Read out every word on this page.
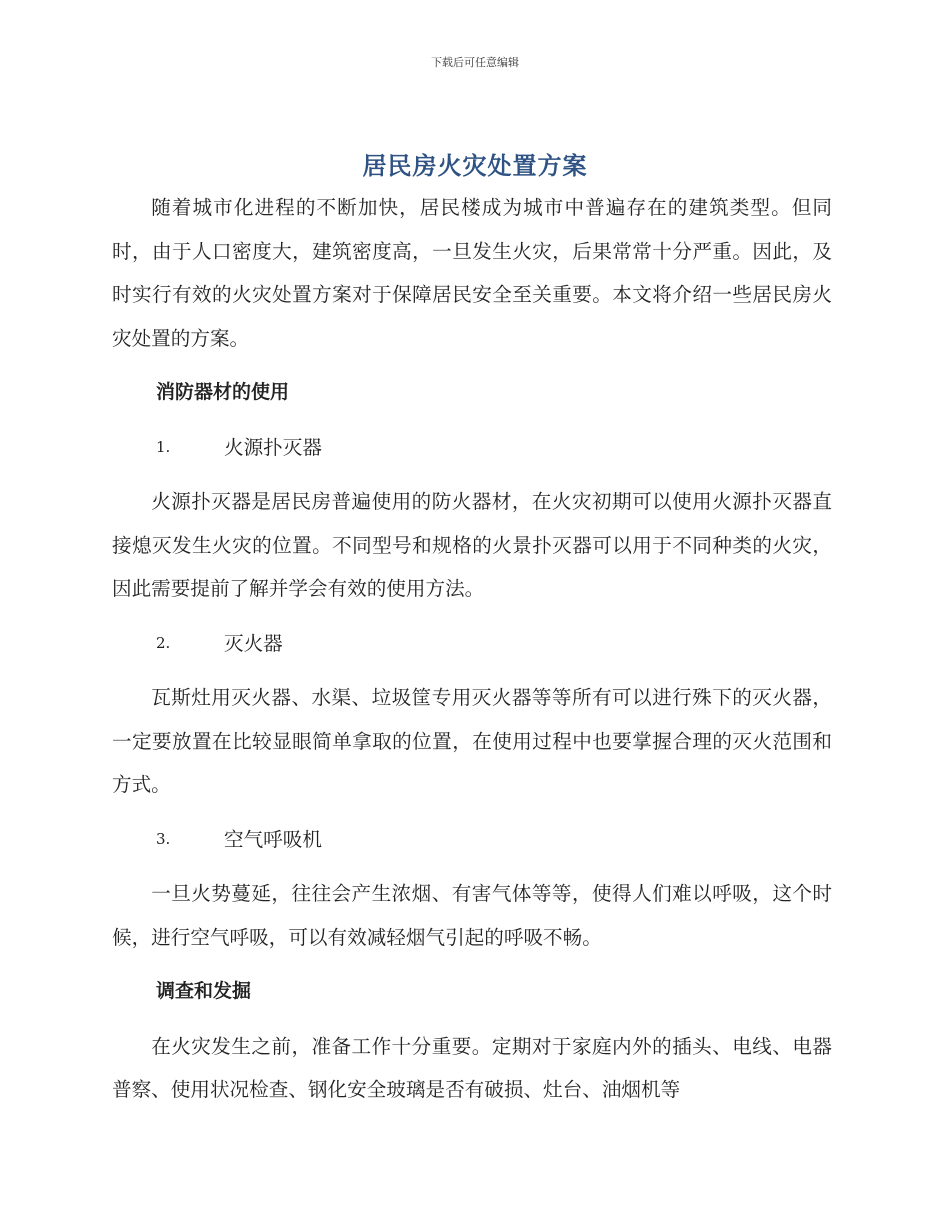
下载后可任意编辑
居民房火灾处置方案

随着城市化进程的不断加快，居民楼成为城市中普遍存在的建筑类型。但同时，由于人口密度大，建筑密度高，一旦发生火灾，后果常常十分严重。因此，及时实行有效的火灾处置方案对于保障居民安全至关重要。本文将介绍一些居民房火灾处置的方案。

消防器材的使用

1.	火源扑灭器

火源扑灭器是居民房普遍使用的防火器材，在火灾初期可以使用火源扑灭器直接熄灭发生火灾的位置。不同型号和规格的火景扑灭器可以用于不同种类的火灾，因此需要提前了解并学会有效的使用方法。

2.	灭火器

瓦斯灶用灭火器、水渠、垃圾筐专用灭火器等等所有可以进行殊下的灭火器，一定要放置在比较显眼简单拿取的位置，在使用过程中也要掌握合理的灭火范围和方式。

3.	空气呼吸机

一旦火势蔓延，往往会产生浓烟、有害气体等等，使得人们难以呼吸，这个时候，进行空气呼吸，可以有效减轻烟气引起的呼吸不畅。

调查和发掘

在火灾发生之前，准备工作十分重要。定期对于家庭内外的插头、电线、电器普察、使用状况检查、钢化安全玻璃是否有破损、灶台、油烟机等
